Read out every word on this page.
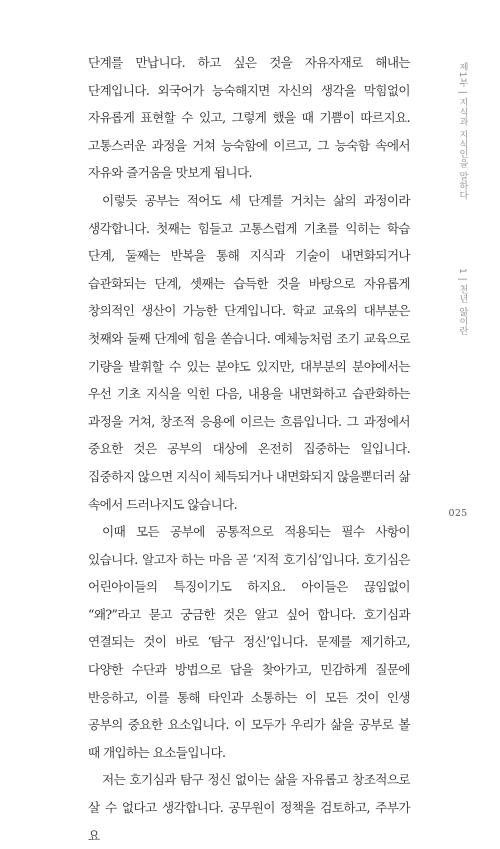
단계를 만납니다. 하고 싶은 것을 자유자재로 해내는 단계입니다. 외국어가 능숙해지면 자신의 생각을 막힘없이 자유롭게 표현할 수 있고, 그렇게 했을 때 기쁨이 따르지요. 고통스러운 과정을 거쳐 능숙함에 이르고, 그 능숙함 속에서 자유와 즐거움을 맛보게 됩니다.

이렇듯 공부는 적어도 세 단계를 거치는 삶의 과정이라 생각합니다. 첫째는 힘들고 고통스럽게 기초를 익히는 학습 단계, 둘째는 반복을 통해 지식과 기술이 내면화되거나 습관화되는 단계, 셋째는 습득한 것을 바탕으로 자유롭게 창의적인 생산이 가능한 단계입니다. 학교 교육의 대부분은 첫째와 둘째 단계에 힘을 쏟습니다. 예체능처럼 조기 교육으로 기량을 발휘할 수 있는 분야도 있지만, 대부분의 분야에서는 우선 기초 지식을 익힌 다음, 내용을 내면화하고 습관화하는 과정을 거쳐, 창조적 응용에 이르는 흐름입니다. 그 과정에서 중요한 것은 공부의 대상에 온전히 집중하는 일입니다. 집중하지 않으면 지식이 체득되거나 내면화되지 않을뿐더러 삶 속에서 드러나지도 않습니다.

이때 모든 공부에 공통적으로 적용되는 필수 사항이 있습니다. 알고자 하는 마음 곧 ‘지적 호기심’입니다. 호기심은 어린아이들의 특징이기도 하지요. 아이들은 끊임없이 “왜?”라고 묻고 궁금한 것은 알고 싶어 합니다. 호기심과 연결되는 것이 바로 ‘탐구 정신’입니다. 문제를 제기하고, 다양한 수단과 방법으로 답을 찾아가고, 민감하게 질문에 반응하고, 이를 통해 타인과 소통하는 이 모든 것이 인생 공부의 중요한 요소입니다. 이 모두가 우리가 삶을 공부로 볼 때 개입하는 요소들입니다.

저는 호기심과 탐구 정신 없이는 삶을 자유롭고 창조적으로 살 수 없다고 생각합니다. 공무원이 정책을 검토하고, 주부가 요

제1부 | 지식과 지식인을 말하다
1 | 천년 앎이란
025
